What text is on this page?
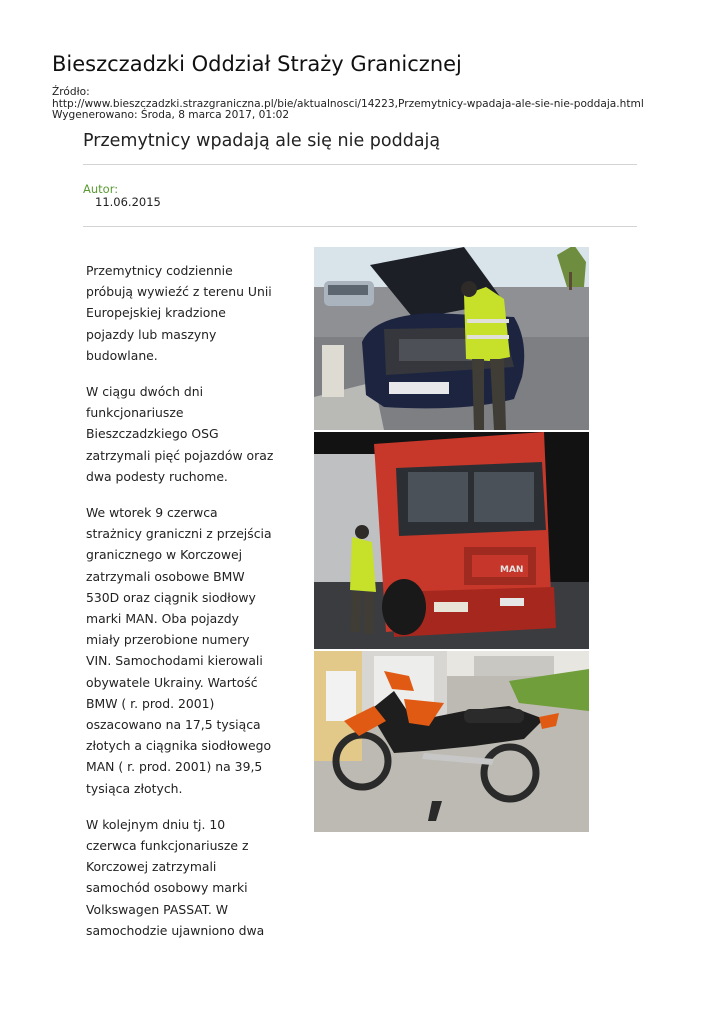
Bieszczadzki Oddział Straży Granicznej
Źródło:
http://www.bieszczadzki.strazgraniczna.pl/bie/aktualnosci/14223,Przemytnicy-wpadaja-ale-sie-nie-poddaja.html
Wygenerowano: Środa, 8 marca 2017, 01:02
Przemytnicy wpadają ale się nie poddają
Autor:
11.06.2015

Przemytnicy codziennie próbują wywieźć z terenu Unii Europejskiej kradzione pojazdy lub maszyny budowlane.

W ciągu dwóch dni funkcjonariusze Bieszczadzkiego OSG zatrzymali pięć pojazdów oraz dwa podesty ruchome.

We wtorek 9 czerwca strażnicy graniczni z przejścia granicznego w Korczowej zatrzymali osobowe BMW 530D oraz ciągnik siodłowy marki MAN. Oba pojazdy miały przerobione numery VIN. Samochodami kierowali obywatele Ukrainy. Wartość BMW ( r. prod. 2001) oszacowano na 17,5 tysiąca złotych a ciągnika siodłowego MAN ( r. prod. 2001) na 39,5 tysiąca złotych.

W kolejnym dniu tj. 10 czerwca funkcjonariusze z Korczowej zatrzymali samochód osobowy marki Volkswagen PASSAT. W samochodzie ujawniono dwa

MAN
